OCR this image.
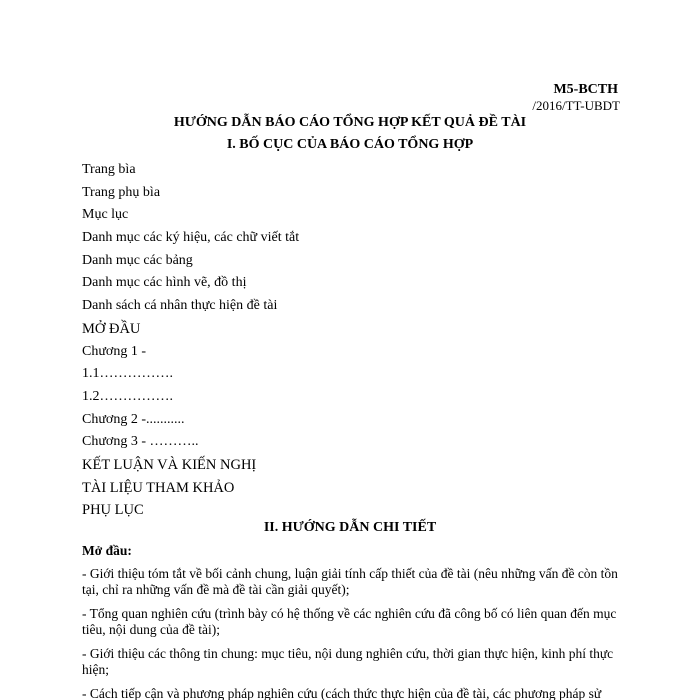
M5-BCTH
/2016/TT-UBDT
HƯỚNG DẪN BÁO CÁO TỔNG HỢP KẾT QUẢ ĐỀ TÀI
I. BỐ CỤC CỦA BÁO CÁO TỔNG HỢP
Trang bìa
Trang phụ bìa
Mục lục
Danh mục các ký hiệu, các chữ viết tắt
Danh mục các bảng
Danh mục các hình vẽ, đồ thị
Danh sách cá nhân thực hiện đề tài
MỞ ĐẦU
Chương 1 -
1.1…………….
1.2…………….
Chương 2 -...........
Chương 3 - ………..
KẾT LUẬN VÀ KIẾN NGHỊ
TÀI LIỆU THAM KHẢO
PHỤ LỤC
II. HƯỚNG DẪN CHI TIẾT
Mở đầu:

- Giới thiệu tóm tắt về bối cảnh chung, luận giải tính cấp thiết của đề tài (nêu những vấn đề còn tồn tại, chỉ ra những vấn đề mà đề tài cần giải quyết);

- Tổng quan nghiên cứu (trình bày có hệ thống về các nghiên cứu đã công bố có liên quan đến mục tiêu, nội dung của đề tài);

- Giới thiệu các thông tin chung: mục tiêu, nội dung nghiên cứu, thời gian thực hiện, kinh phí thực hiện;

- Cách tiếp cận và phương pháp nghiên cứu (cách thức thực hiện của đề tài, các phương pháp sử
